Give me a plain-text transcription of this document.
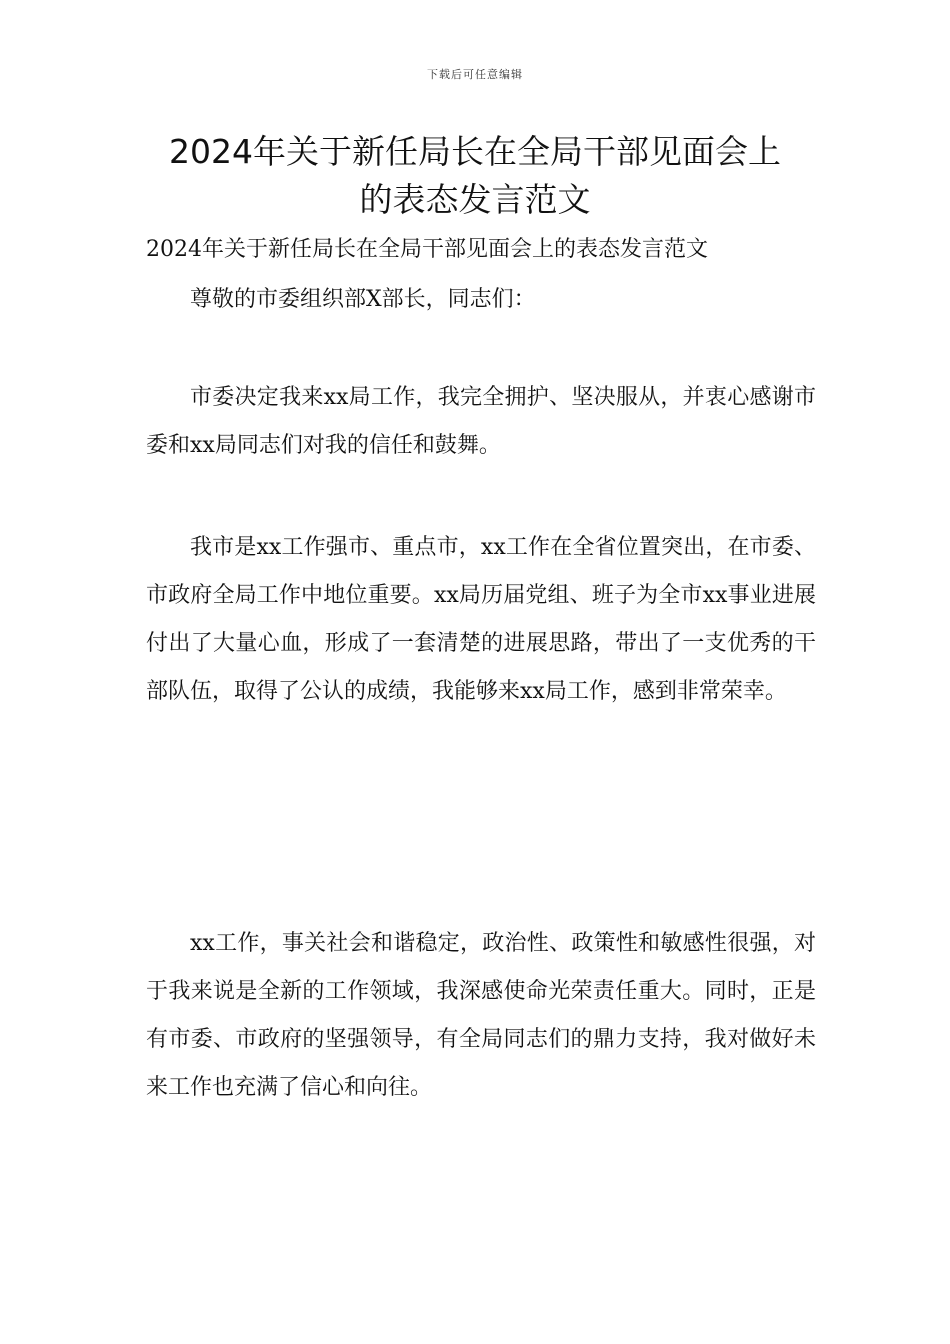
下载后可任意编辑
2024年关于新任局长在全局干部见面会上
的表态发言范文

2024年关于新任局长在全局干部见面会上的表态发言范文

尊敬的市委组织部X部长，同志们：

市委决定我来xx局工作，我完全拥护、坚决服从，并衷心感谢市委和xx局同志们对我的信任和鼓舞。

我市是xx工作强市、重点市，xx工作在全省位置突出，在市委、市政府全局工作中地位重要。xx局历届党组、班子为全市xx事业进展付出了大量心血，形成了一套清楚的进展思路，带出了一支优秀的干部队伍，取得了公认的成绩，我能够来xx局工作，感到非常荣幸。

xx工作，事关社会和谐稳定，政治性、政策性和敏感性很强，对于我来说是全新的工作领域，我深感使命光荣责任重大。同时，正是有市委、市政府的坚强领导，有全局同志们的鼎力支持，我对做好未来工作也充满了信心和向往。
